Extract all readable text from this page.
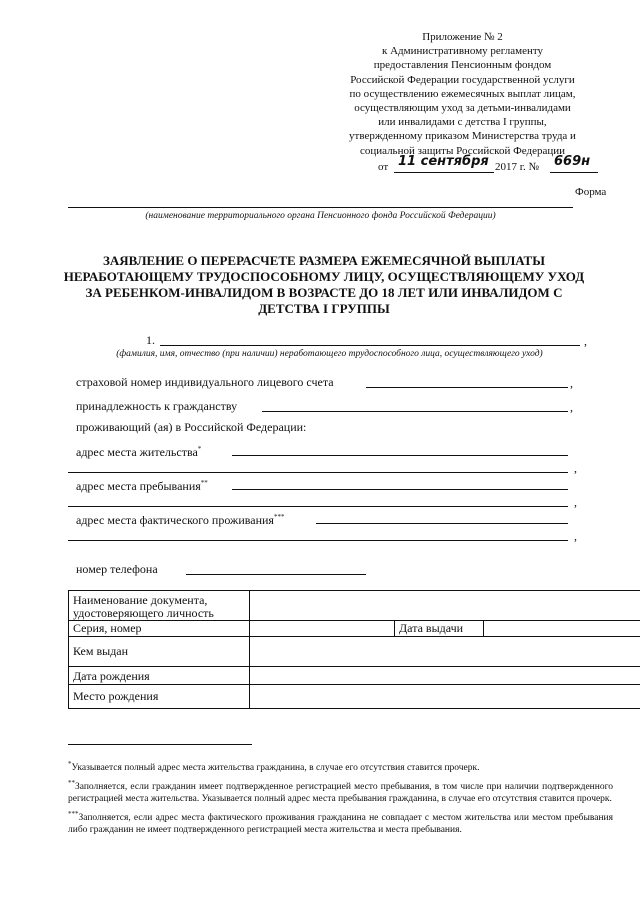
Приложение № 2
к Административному регламенту
предоставления Пенсионным фондом
Российской Федерации государственной услуги
по осуществлению ежемесячных выплат лицам,
осуществляющим уход за детьми-инвалидами
или инвалидами с детства I группы,
утвержденному приказом Министерства труда и
социальной защиты Российской Федерации
от 11 сентября 2017 г. № 669н
Форма
(наименование территориального органа Пенсионного фонда Российской Федерации)
ЗАЯВЛЕНИЕ О ПЕРЕРАСЧЕТЕ РАЗМЕРА ЕЖЕМЕСЯЧНОЙ ВЫПЛАТЫ
НЕРАБОТАЮЩЕМУ ТРУДОСПОСОБНОМУ ЛИЦУ, ОСУЩЕСТВЛЯЮЩЕМУ УХОД
ЗА РЕБЕНКОМ-ИНВАЛИДОМ В ВОЗРАСТЕ ДО 18 ЛЕТ ИЛИ ИНВАЛИДОМ С
ДЕТСТВА I ГРУППЫ
1.	,
(фамилия, имя, отчество (при наличии) неработающего трудоспособного лица, осуществляющего уход)
страховой номер индивидуального лицевого счета	,
принадлежность к гражданству	,
проживающий (ая) в Российской Федерации:
адрес места жительства*
,
адрес места пребывания**
,
адрес места фактического проживания***
,
номер телефона
Наименование документа, удостоверяющего личность			
Серия, номер		Дата выдачи	
Кем выдан			
Дата рождения			
Место рождения			
*Указывается полный адрес места жительства гражданина, в случае его отсутствия ставится прочерк.
**Заполняется, если гражданин имеет подтвержденное регистрацией место пребывания, в том числе при наличии подтвержденного регистрацией места жительства. Указывается полный адрес места пребывания гражданина, в случае его отсутствия ставится прочерк.
***Заполняется, если адрес места фактического проживания гражданина не совпадает с местом жительства или местом пребывания либо гражданин не имеет подтвержденного регистрацией места жительства и места пребывания.
